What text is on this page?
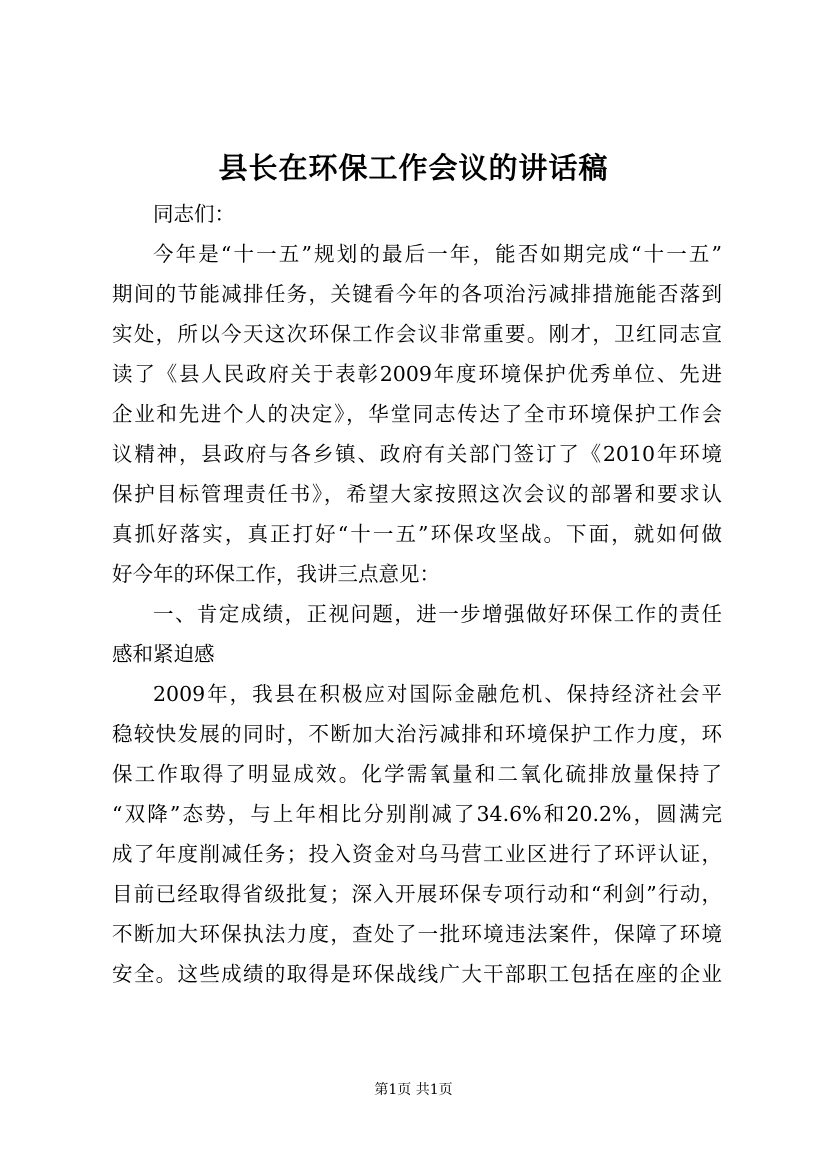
县长在环保工作会议的讲话稿
同志们：
今年是“十一五”规划的最后一年，能否如期完成“十一五”
期间的节能减排任务，关键看今年的各项治污减排措施能否落到
实处，所以今天这次环保工作会议非常重要。刚才，卫红同志宣
读了《县人民政府关于表彰2009年度环境保护优秀单位、先进
企业和先进个人的决定》，华堂同志传达了全市环境保护工作会
议精神，县政府与各乡镇、政府有关部门签订了《2010年环境
保护目标管理责任书》，希望大家按照这次会议的部署和要求认
真抓好落实，真正打好“十一五”环保攻坚战。下面，就如何做
好今年的环保工作，我讲三点意见：
一、肯定成绩，正视问题，进一步增强做好环保工作的责任
感和紧迫感
2009年，我县在积极应对国际金融危机、保持经济社会平
稳较快发展的同时，不断加大治污减排和环境保护工作力度，环
保工作取得了明显成效。化学需氧量和二氧化硫排放量保持了
“双降”态势，与上年相比分别削减了34.6%和20.2%，圆满完
成了年度削减任务；投入资金对乌马营工业区进行了环评认证，
目前已经取得省级批复；深入开展环保专项行动和“利剑”行动，
不断加大环保执法力度，查处了一批环境违法案件，保障了环境
安全。这些成绩的取得是环保战线广大干部职工包括在座的企业
第1页 共1页
